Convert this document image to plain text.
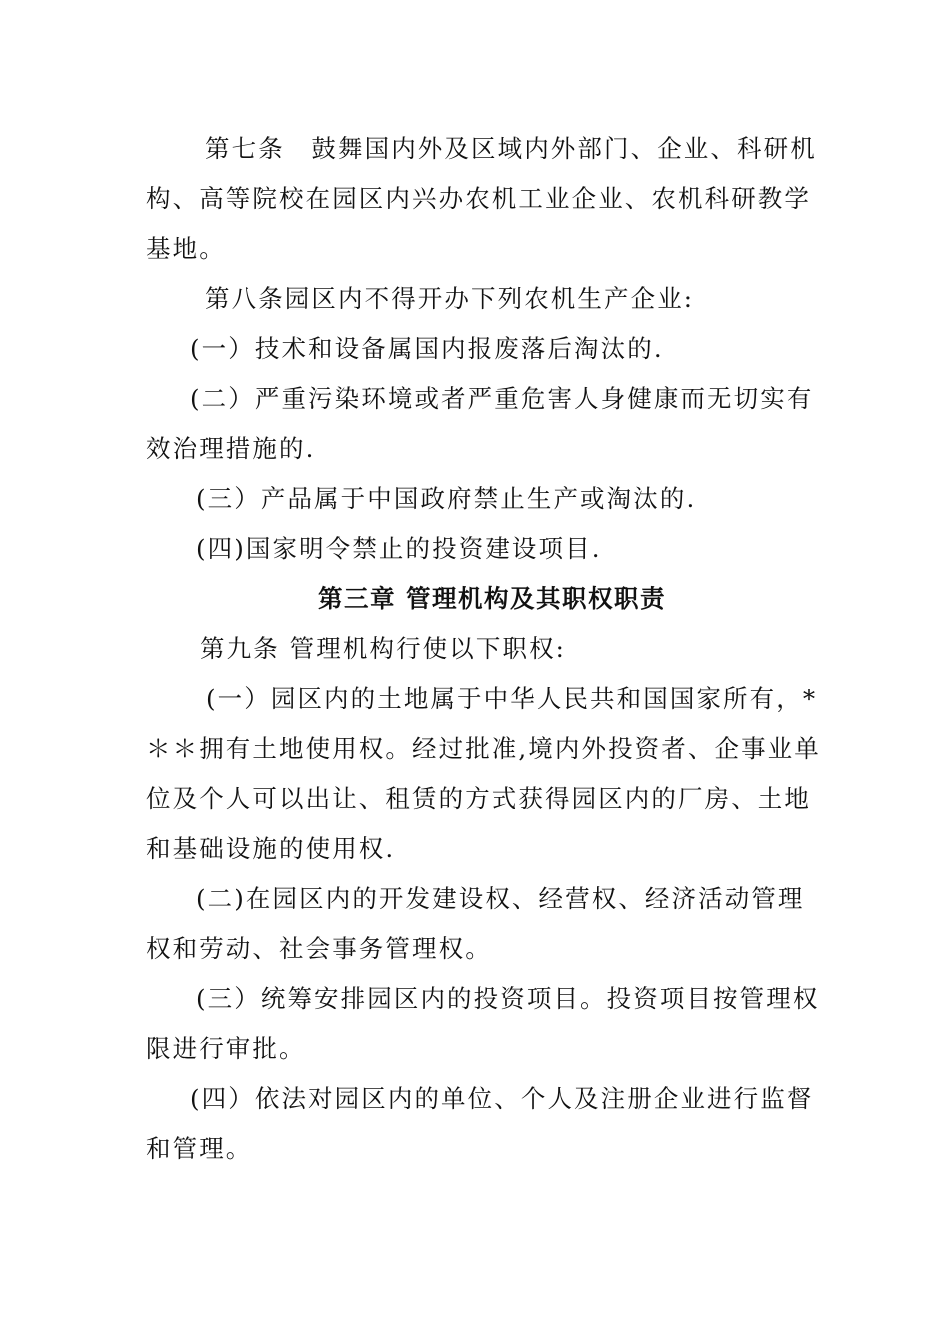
第七条　鼓舞国内外及区域内外部门、企业、科研机
构、高等院校在园区内兴办农机工业企业、农机科研教学
基地。
第八条园区内不得开办下列农机生产企业:
(一）技术和设备属国内报废落后淘汰的.
(二）严重污染环境或者严重危害人身健康而无切实有
效治理措施的.
(三）产品属于中国政府禁止生产或淘汰的.
(四)国家明令禁止的投资建设项目.
第三章 管理机构及其职权职责
第九条 管理机构行使以下职权:
(一）园区内的土地属于中华人民共和国国家所有，*
＊＊拥有土地使用权。经过批准,境内外投资者、企事业单
位及个人可以出让、租赁的方式获得园区内的厂房、土地
和基础设施的使用权.
(二)在园区内的开发建设权、经营权、经济活动管理
权和劳动、社会事务管理权。
(三）统筹安排园区内的投资项目。投资项目按管理权
限进行审批。
(四）依法对园区内的单位、个人及注册企业进行监督
和管理。
